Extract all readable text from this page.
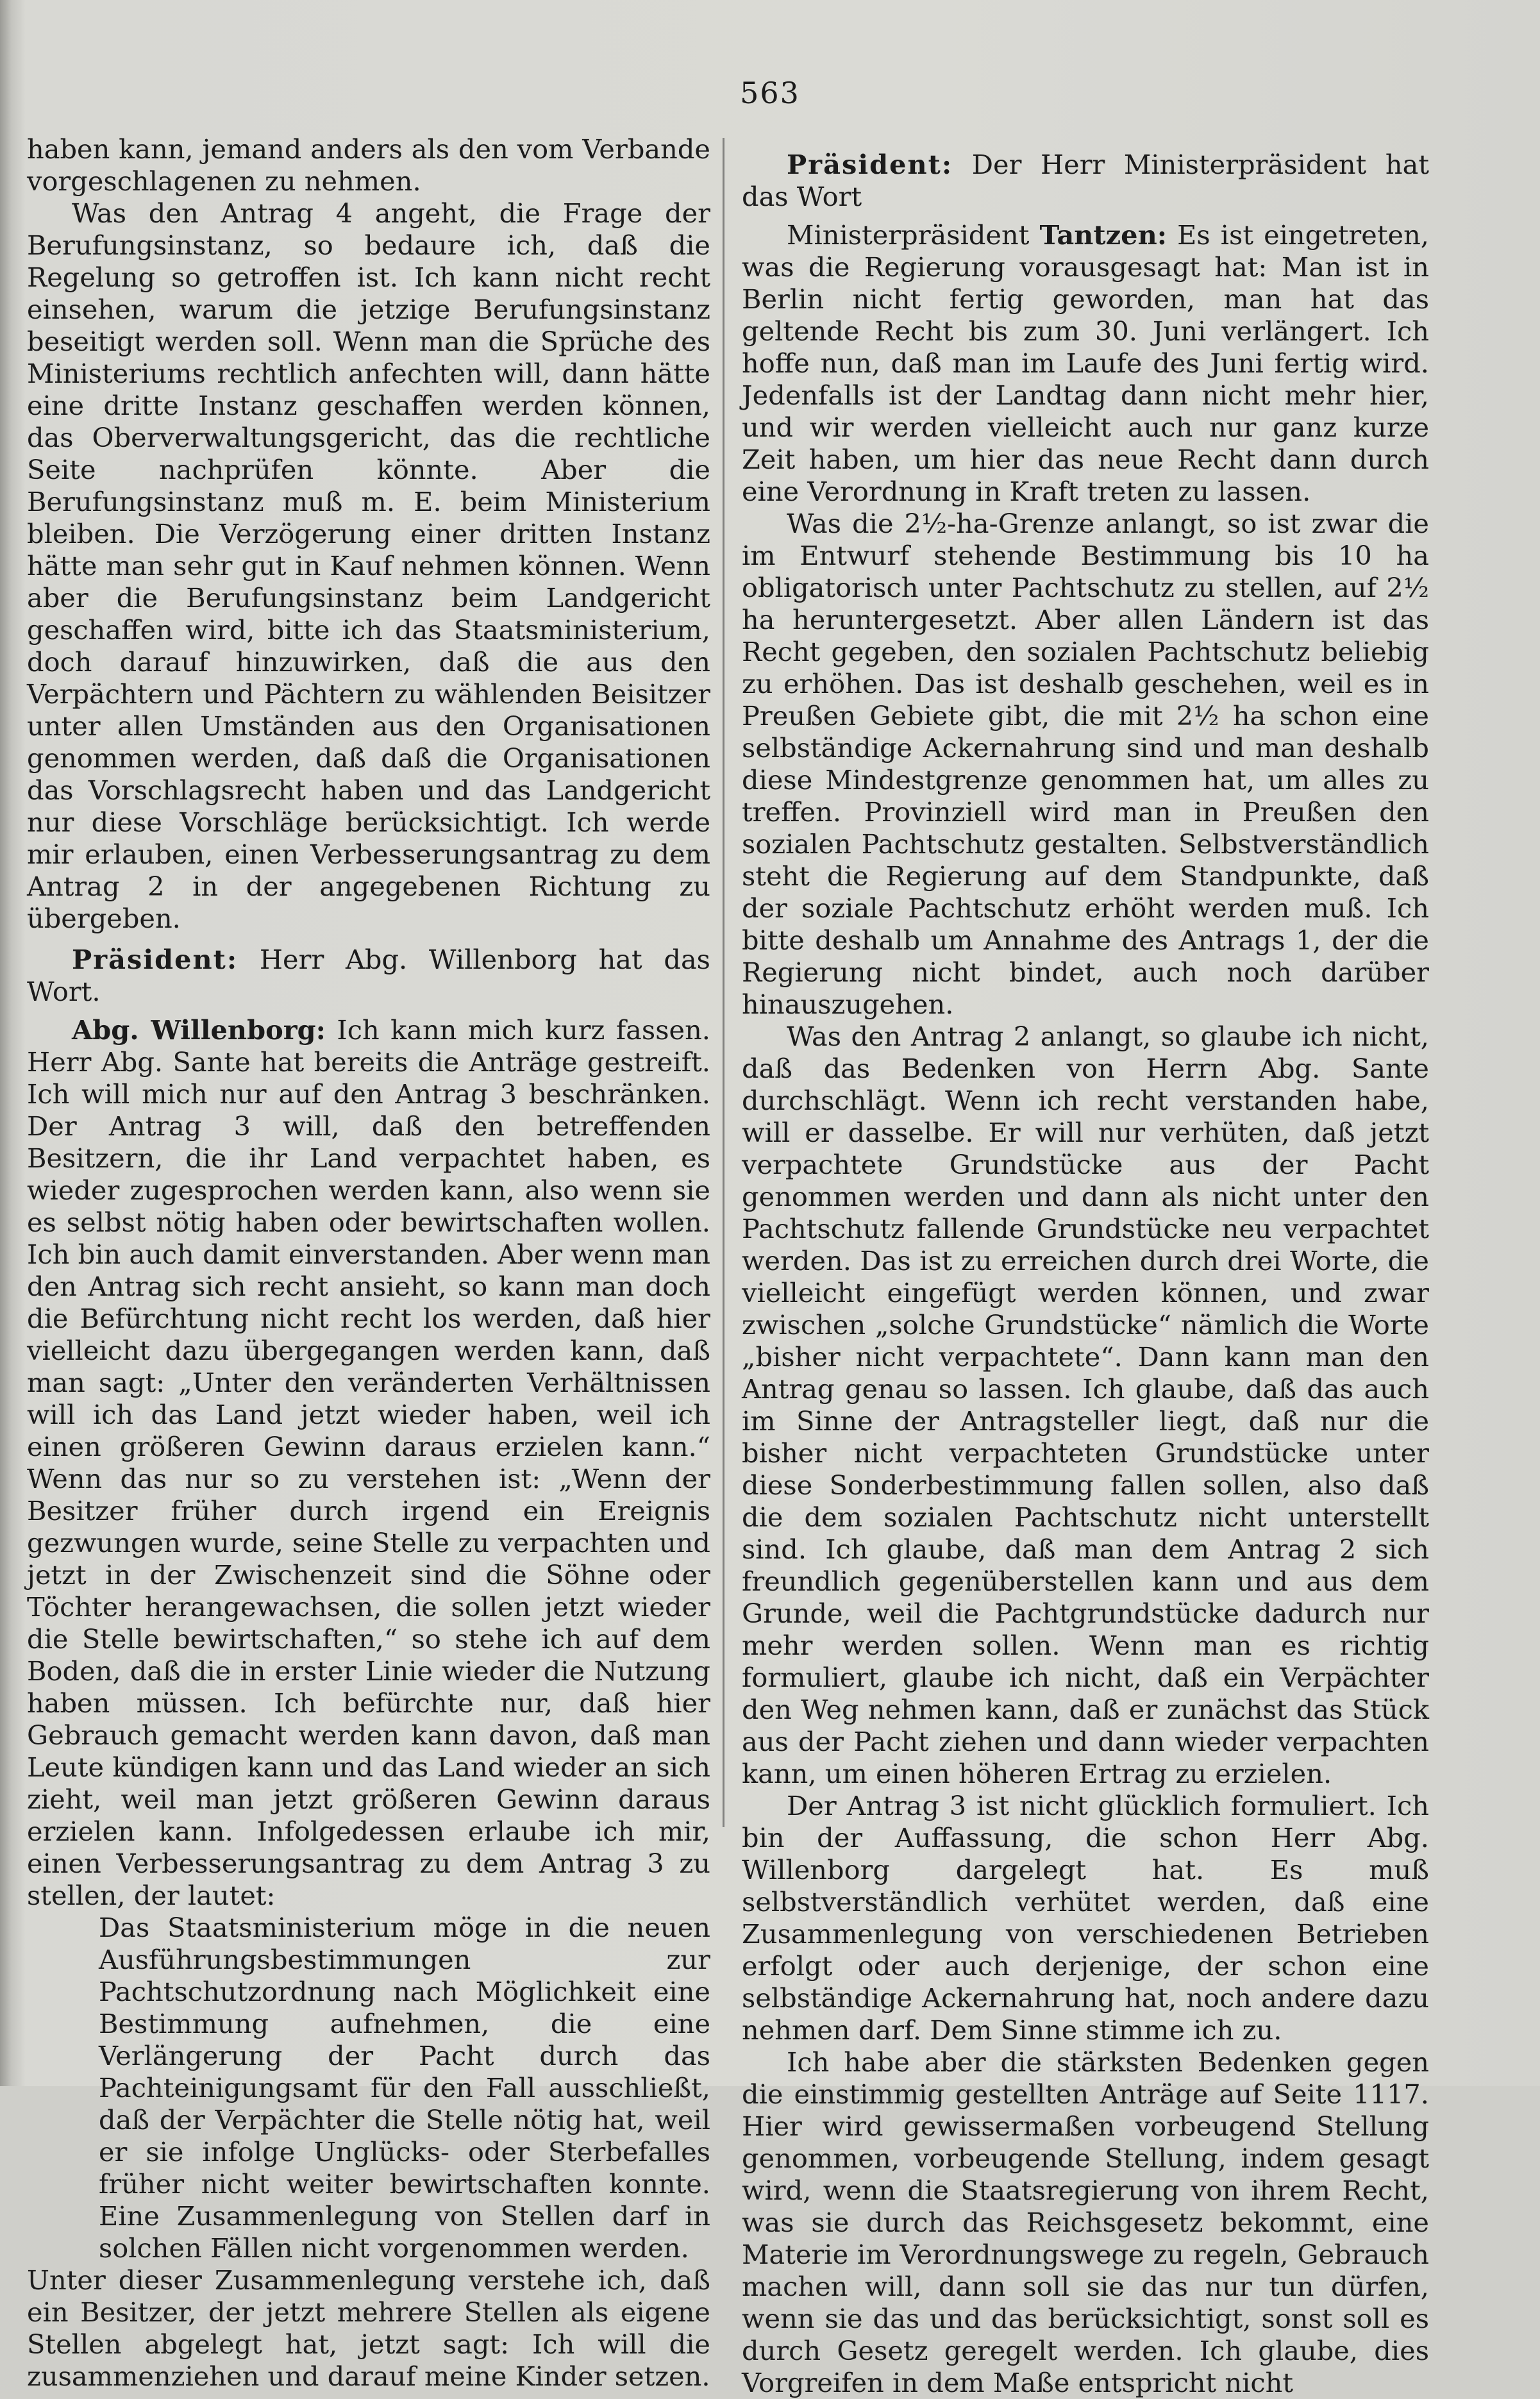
563

haben kann, jemand anders als den vom Verbande vorgeschlagenen zu nehmen.

Was den Antrag 4 angeht, die Frage der Berufungsinstanz, so bedaure ich, daß die Regelung so getroffen ist. Ich kann nicht recht einsehen, warum die jetzige Berufungsinstanz beseitigt werden soll. Wenn man die Sprüche des Ministeriums rechtlich anfechten will, dann hätte eine dritte Instanz geschaffen werden können, das Oberverwaltungsgericht, das die rechtliche Seite nachprüfen könnte. Aber die Berufungsinstanz muß m. E. beim Ministerium bleiben. Die Verzögerung einer dritten Instanz hätte man sehr gut in Kauf nehmen können. Wenn aber die Berufungsinstanz beim Landgericht geschaffen wird, bitte ich das Staatsministerium, doch darauf hinzuwirken, daß die aus den Verpächtern und Pächtern zu wählenden Beisitzer unter allen Umständen aus den Organisationen genommen werden, daß daß die Organisationen das Vorschlagsrecht haben und das Landgericht nur diese Vorschläge berücksichtigt. Ich werde mir erlauben, einen Verbesserungsantrag zu dem Antrag 2 in der angegebenen Richtung zu übergeben.

Präsident: Herr Abg. Willenborg hat das Wort.

Abg. Willenborg: Ich kann mich kurz fassen. Herr Abg. Sante hat bereits die Anträge gestreift. Ich will mich nur auf den Antrag 3 beschränken. Der Antrag 3 will, daß den betreffenden Besitzern, die ihr Land verpachtet haben, es wieder zugesprochen werden kann, also wenn sie es selbst nötig haben oder bewirtschaften wollen. Ich bin auch damit einverstanden. Aber wenn man den Antrag sich recht ansieht, so kann man doch die Befürchtung nicht recht los werden, daß hier vielleicht dazu übergegangen werden kann, daß man sagt: „Unter den veränderten Verhältnissen will ich das Land jetzt wieder haben, weil ich einen größeren Gewinn daraus erzielen kann.“ Wenn das nur so zu verstehen ist: „Wenn der Besitzer früher durch irgend ein Ereignis gezwungen wurde, seine Stelle zu verpachten und jetzt in der Zwischenzeit sind die Söhne oder Töchter herangewachsen, die sollen jetzt wieder die Stelle bewirtschaften,“ so stehe ich auf dem Boden, daß die in erster Linie wieder die Nutzung haben müssen. Ich befürchte nur, daß hier Gebrauch gemacht werden kann davon, daß man Leute kündigen kann und das Land wieder an sich zieht, weil man jetzt größeren Gewinn daraus erzielen kann. Infolgedessen erlaube ich mir, einen Verbesserungsantrag zu dem Antrag 3 zu stellen, der lautet:

Das Staatsministerium möge in die neuen Ausführungsbestimmungen zur Pachtschutzordnung nach Möglichkeit eine Bestimmung aufnehmen, die eine Verlängerung der Pacht durch das Pachteinigungsamt für den Fall ausschließt, daß der Verpächter die Stelle nötig hat, weil er sie infolge Unglücks- oder Sterbefalles früher nicht weiter bewirtschaften konnte. Eine Zusammenlegung von Stellen darf in solchen Fällen nicht vorgenommen werden.

Unter dieser Zusammenlegung verstehe ich, daß ein Besitzer, der jetzt mehrere Stellen als eigene Stellen abgelegt hat, jetzt sagt: Ich will die zusammenziehen und darauf meine Kinder setzen.

Präsident: Der Herr Ministerpräsident hat das Wort

Ministerpräsident Tantzen: Es ist eingetreten, was die Regierung vorausgesagt hat: Man ist in Berlin nicht fertig geworden, man hat das geltende Recht bis zum 30. Juni verlängert. Ich hoffe nun, daß man im Laufe des Juni fertig wird. Jedenfalls ist der Landtag dann nicht mehr hier, und wir werden vielleicht auch nur ganz kurze Zeit haben, um hier das neue Recht dann durch eine Verordnung in Kraft treten zu lassen.

Was die 2½-ha-Grenze anlangt, so ist zwar die im Entwurf stehende Bestimmung bis 10 ha obligatorisch unter Pachtschutz zu stellen, auf 2½ ha heruntergesetzt. Aber allen Ländern ist das Recht gegeben, den sozialen Pachtschutz beliebig zu erhöhen. Das ist deshalb geschehen, weil es in Preußen Gebiete gibt, die mit 2½ ha schon eine selbständige Ackernahrung sind und man deshalb diese Mindestgrenze genommen hat, um alles zu treffen. Provinziell wird man in Preußen den sozialen Pachtschutz gestalten. Selbstverständlich steht die Regierung auf dem Standpunkte, daß der soziale Pachtschutz erhöht werden muß. Ich bitte deshalb um Annahme des Antrags 1, der die Regierung nicht bindet, auch noch darüber hinauszugehen.

Was den Antrag 2 anlangt, so glaube ich nicht, daß das Bedenken von Herrn Abg. Sante durchschlägt. Wenn ich recht verstanden habe, will er dasselbe. Er will nur verhüten, daß jetzt verpachtete Grundstücke aus der Pacht genommen werden und dann als nicht unter den Pachtschutz fallende Grundstücke neu verpachtet werden. Das ist zu erreichen durch drei Worte, die vielleicht eingefügt werden können, und zwar zwischen „solche Grundstücke“ nämlich die Worte „bisher nicht verpachtete“. Dann kann man den Antrag genau so lassen. Ich glaube, daß das auch im Sinne der Antragsteller liegt, daß nur die bisher nicht verpachteten Grundstücke unter diese Sonderbestimmung fallen sollen, also daß die dem sozialen Pachtschutz nicht unterstellt sind. Ich glaube, daß man dem Antrag 2 sich freundlich gegenüberstellen kann und aus dem Grunde, weil die Pachtgrundstücke dadurch nur mehr werden sollen. Wenn man es richtig formuliert, glaube ich nicht, daß ein Verpächter den Weg nehmen kann, daß er zunächst das Stück aus der Pacht ziehen und dann wieder verpachten kann, um einen höheren Ertrag zu erzielen.

Der Antrag 3 ist nicht glücklich formuliert. Ich bin der Auffassung, die schon Herr Abg. Willenborg dargelegt hat. Es muß selbstverständlich verhütet werden, daß eine Zusammenlegung von verschiedenen Betrieben erfolgt oder auch derjenige, der schon eine selbständige Ackernahrung hat, noch andere dazu nehmen darf. Dem Sinne stimme ich zu.

Ich habe aber die stärksten Bedenken gegen die einstimmig gestellten Anträge auf Seite 1117. Hier wird gewissermaßen vorbeugend Stellung genommen, vorbeugende Stellung, indem gesagt wird, wenn die Staatsregierung von ihrem Recht, was sie durch das Reichsgesetz bekommt, eine Materie im Verordnungswege zu regeln, Gebrauch machen will, dann soll sie das nur tun dürfen, wenn sie das und das berücksichtigt, sonst soll es durch Gesetz geregelt werden. Ich glaube, dies Vorgreifen in dem Maße entspricht nicht
